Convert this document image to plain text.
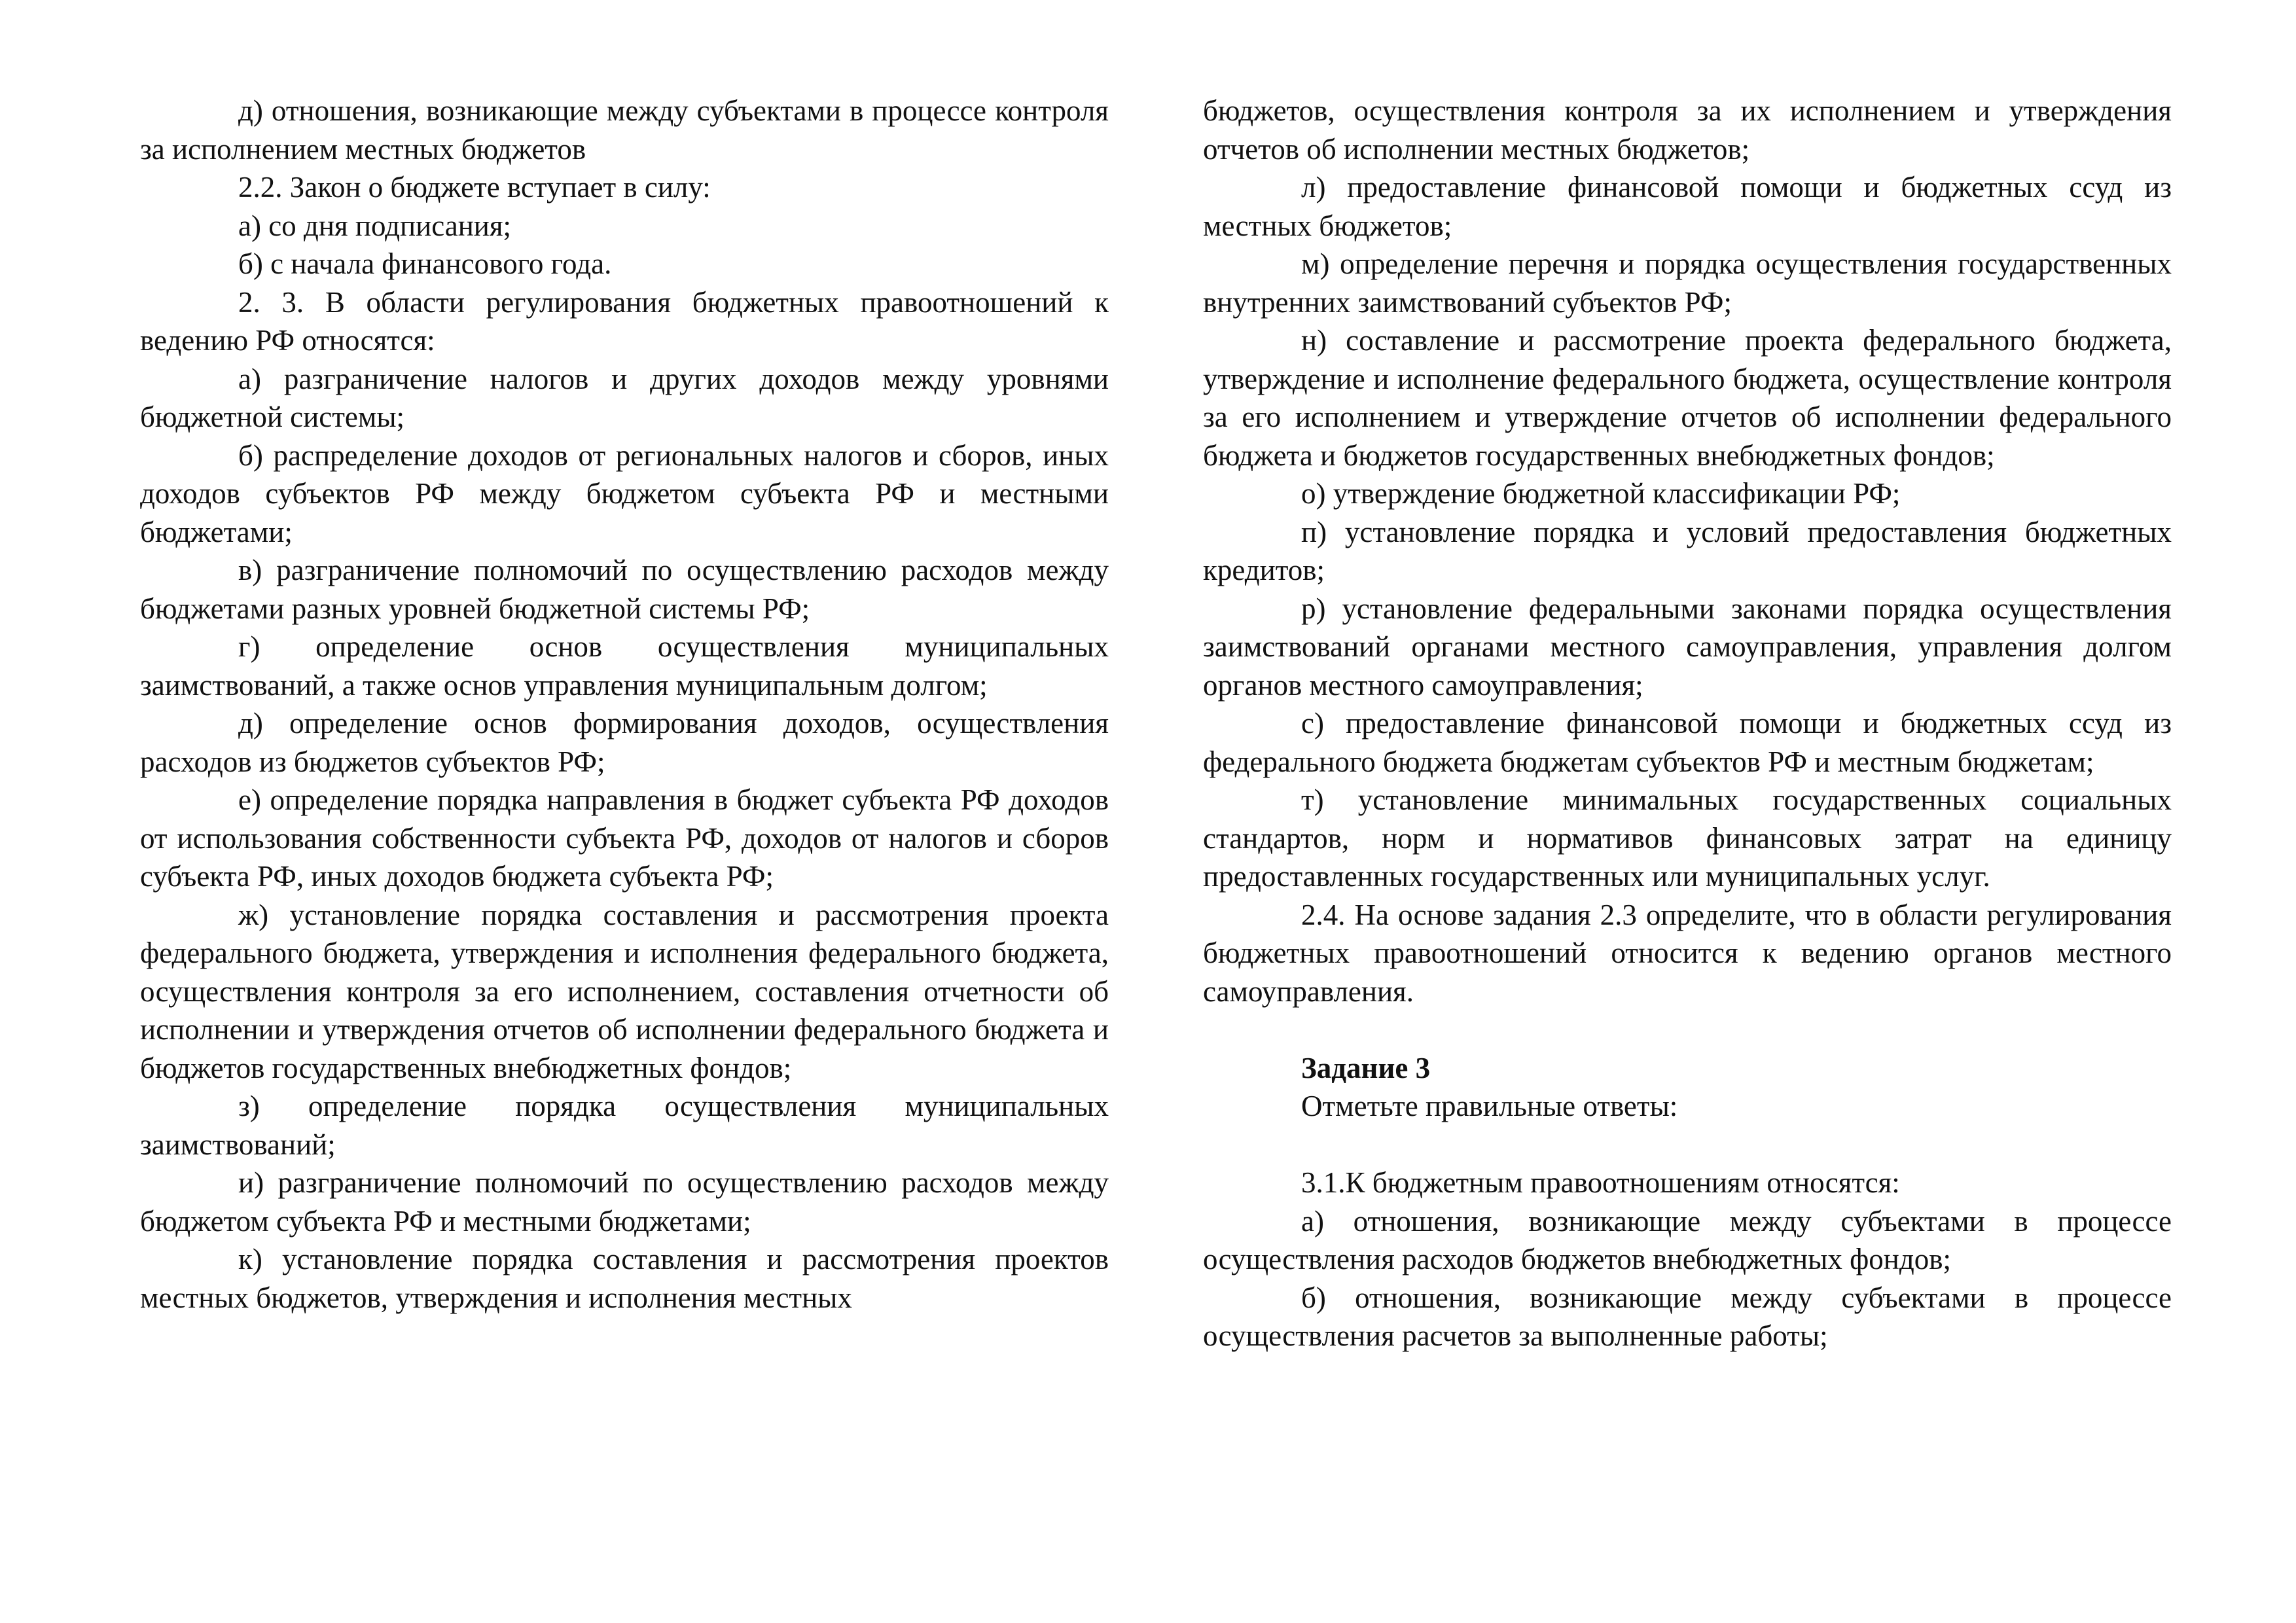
д) отношения, возникающие между субъектами в процессе контроля за исполнением местных бюджетов

2.2. Закон о бюджете вступает в силу:

а) со дня подписания;

б) с начала финансового года.

2. 3. В области регулирования бюджетных правоотношений к ведению РФ относятся:

а) разграничение налогов и других доходов между уровнями бюджетной системы;

б) распределение доходов от региональных налогов и сборов, иных доходов субъектов РФ между бюджетом субъекта РФ и местными бюджетами;

в) разграничение полномочий по осуществлению расходов между бюджетами разных уровней бюджетной системы РФ;

г) определение основ осуществления муниципальных заимствований, а также основ управления муниципальным долгом;

д) определение основ формирования доходов, осуществления расходов из бюджетов субъектов РФ;

е) определение порядка направления в бюджет субъекта РФ доходов от использования собственности субъекта РФ, доходов от налогов и сборов субъекта РФ, иных доходов бюджета субъекта РФ;

ж) установление порядка составления и рассмотрения проекта федерального бюджета, утверждения и исполнения федерального бюджета, осуществления контроля за его исполнением, составления отчетности об исполнении и утверждения отчетов об исполнении федерального бюджета и бюджетов государственных внебюджетных фондов;

з) определение порядка осуществления муниципальных заимствований;

и) разграничение полномочий по осуществлению расходов между бюджетом субъекта РФ и местными бюджетами;

к) установление порядка составления и рассмотрения проектов местных бюджетов, утверждения и исполнения местных

бюджетов, осуществления контроля за их исполнением и утверждения отчетов об исполнении местных бюджетов;

л) предоставление финансовой помощи и бюджетных ссуд из местных бюджетов;

м) определение перечня и порядка осуществления государственных внутренних заимствований субъектов РФ;

н) составление и рассмотрение проекта федерального бюджета, утверждение и исполнение федерального бюджета, осуществление контроля за его исполнением и утверждение отчетов об исполнении федерального бюджета и бюджетов государственных внебюджетных фондов;

о) утверждение бюджетной классификации РФ;

п) установление порядка и условий предоставления бюджетных кредитов;

р) установление федеральными законами порядка осуществления заимствований органами местного самоуправления, управления долгом органов местного самоуправления;

с) предоставление финансовой помощи и бюджетных ссуд из федерального бюджета бюджетам субъектов РФ и местным бюджетам;

т) установление минимальных государственных социальных стандартов, норм и нормативов финансовых затрат на единицу предоставленных государственных или муниципальных услуг.

2.4. На основе задания 2.3 определите, что в области регулирования бюджетных правоотношений относится к ведению органов местного самоуправления.

Задание 3

Отметьте правильные ответы:

3.1.К бюджетным правоотношениям относятся:

а) отношения, возникающие между субъектами в процессе осуществления расходов бюджетов внебюджетных фондов;

б) отношения, возникающие между субъектами в процессе осуществления расчетов за выполненные работы;
